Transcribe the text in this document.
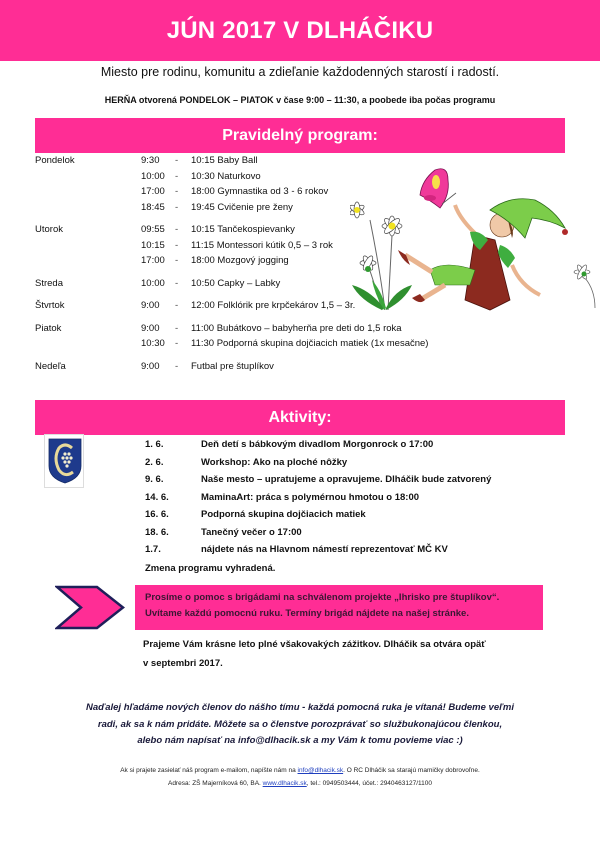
JÚN 2017 V DLHÁČIKU
Miesto pre rodinu, komunitu a zdieľanie každodenných starostí i radostí.
HERŇA otvorená PONDELOK – PIATOK v čase 9:00 – 11:30, a poobede iba počas programu
Pravidelný program:
Pondelok	9:30	-	10:15 Baby Ball
10:00	-	10:30 Naturkovo
17:00	-	18:00 Gymnastika od 3 - 6 rokov
18:45	-	19:45 Cvičenie pre ženy
Utorok	09:55	-	10:15 Tančekospievanky
10:15	-	11:15 Montessori kútik 0,5 – 3 rok
17:00	-	18:00 Mozgový jogging
Streda	10:00	-	10:50 Capky – Labky
Štvrtok	9:00	-	12:00 Folklórik pre krpčekárov 1,5 – 3r.
Piatok	9:00	-	11:00 Bubátkovo – babyherňa pre deti do 1,5 roka
10:30	-	11:30 Podporná skupina dojčiacich matiek (1x mesačne)
Nedeľa	9:00	-	Futbal pre štuplíkov
Aktivity:
1. 6.	Deň detí s bábkovým divadlom Morgonrock o 17:00
2. 6.	Workshop: Ako na ploché nôžky
9. 6.	Naše mesto – upratujeme a opravujeme. Dlháčik bude zatvorený
14. 6.	MaminaArt: práca s polymérnou hmotou o 18:00
16. 6.	Podporná skupina dojčiacich matiek
18. 6.	Tanečný večer o 17:00
1.7.	nájdete nás na Hlavnom námestí reprezentovať MČ KV
Zmena programu vyhradená.
Prosíme o pomoc s brigádami na schválenom projekte „Ihrisko pre štuplíkov“.
Uvítame každú pomocnú ruku. Termíny brigád nájdete na našej stránke.
Prajeme Vám krásne leto plné všakovakých zážitkov. Dlháčik sa otvára opäť
v septembri 2017.
Naďalej hľadáme nových členov do nášho tímu - každá pomocná ruka je vítaná! Budeme veľmi
radi, ak sa k nám pridáte. Môžete sa o členstve porozprávať so službukonajúcou členkou,
alebo nám napísať na info@dlhacik.sk a my Vám k tomu povieme viac :)
Ak si prajete zasielať náš program e-mailom, napíšte nám na info@dlhacik.sk. O RC Dlháčik sa starajú mamičky dobrovoľne.
Adresa: ZŠ Majerníková 60, BA. www.dlhacik.sk, tel.: 0949503444, účet.: 2940463127/1100
